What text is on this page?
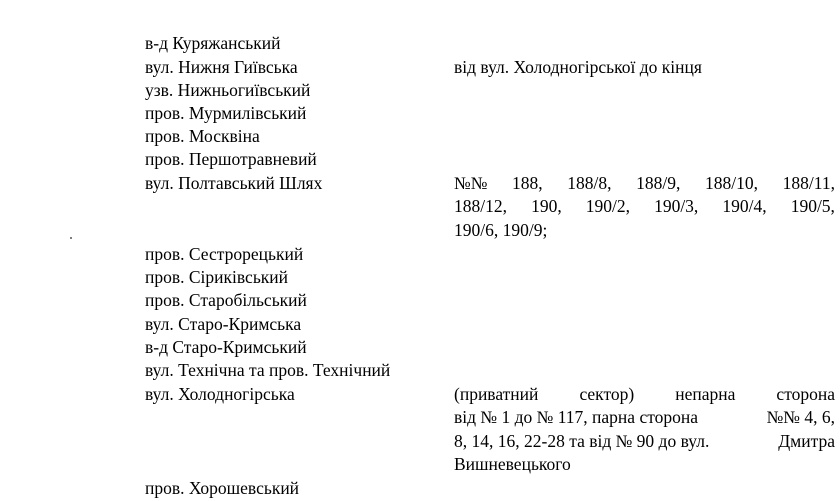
в-д Куряжанський
вул. Нижня Гиївська	від вул. Холодногірської до кінця
узв. Нижньогиївський
пров. Мурмилівський
пров. Москвіна
пров. Першотравневий
вул. Полтавський Шлях	№№ 188, 188/8, 188/9, 188/10, 188/11,
188/12, 190, 190/2, 190/3, 190/4, 190/5,
190/6, 190/9;
пров. Сестрорецький
пров. Сіриківський
пров. Старобільський
вул. Старо-Кримська
в-д Старо-Кримський
вул. Технічна та пров. Технічний
вул. Холодногірська	(приватний сектор) непарна сторона
від № 1 до № 117, парна сторона	№№ 4, 6,
8, 14, 16, 22-28 та від № 90 до вул.	Дмитра
Вишневецького
пров. Хорошевський
